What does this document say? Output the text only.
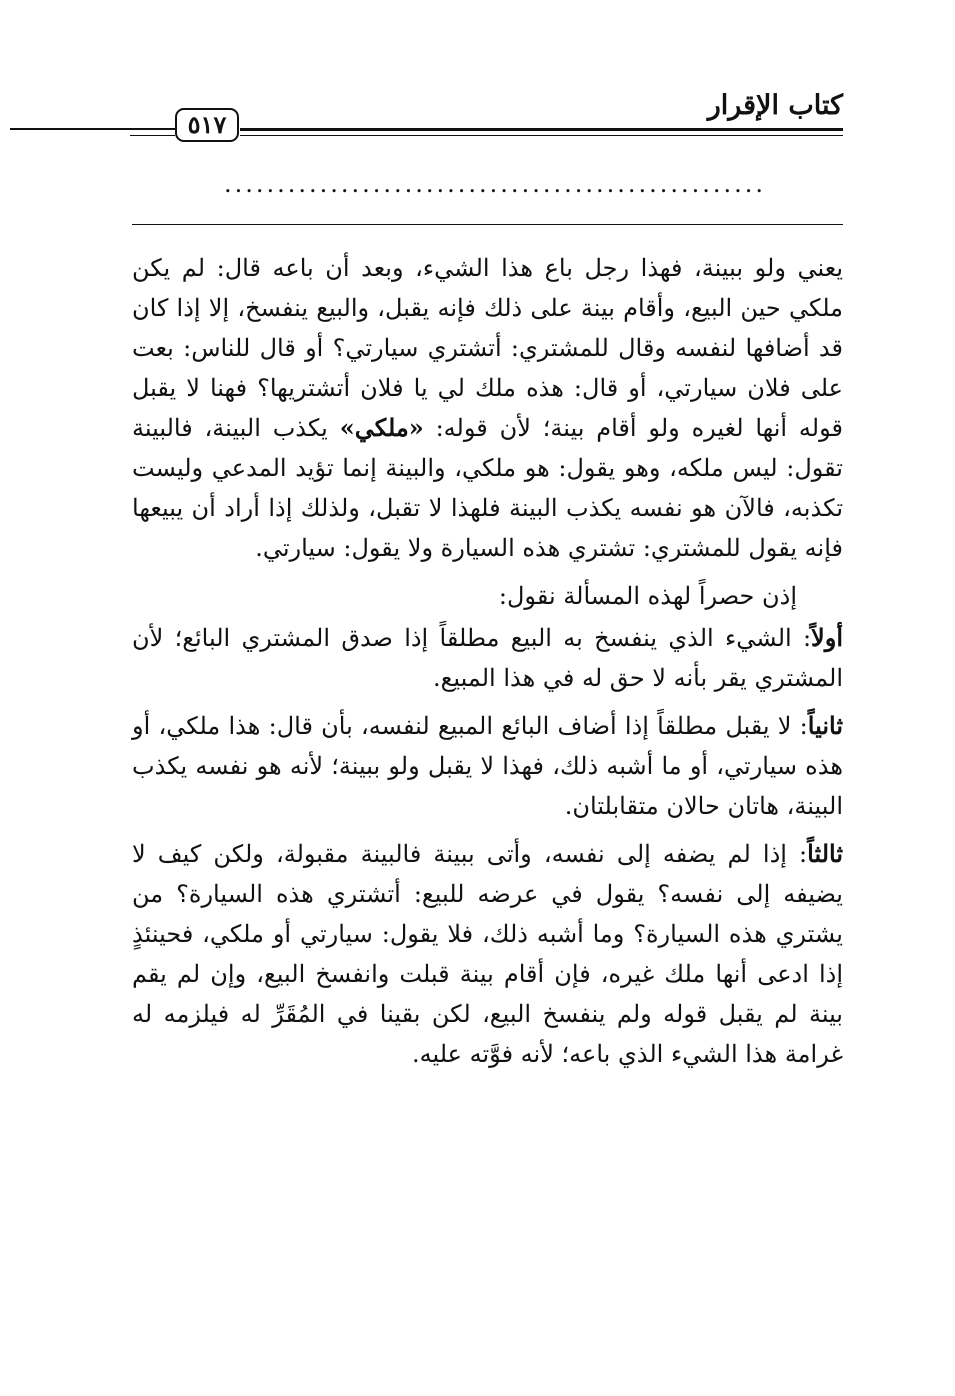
كتاب الإقرار
٥١٧
...................................................

يعني ولو ببينة، فهذا رجل باع هذا الشيء، وبعد أن باعه قال: لم يكن ملكي حين البيع، وأقام بينة على ذلك فإنه يقبل، والبيع ينفسخ، إلا إذا كان قد أضافها لنفسه وقال للمشتري: أتشتري سيارتي؟ أو قال للناس: بعت على فلان سيارتي، أو قال: هذه ملك لي يا فلان أتشتريها؟ فهنا لا يقبل قوله أنها لغيره ولو أقام بينة؛ لأن قوله: «ملكي» يكذب البينة، فالبينة تقول: ليس ملكه، وهو يقول: هو ملكي، والبينة إنما تؤيد المدعي وليست تكذبه، فالآن هو نفسه يكذب البينة فلهذا لا تقبل، ولذلك إذا أراد أن يبيعها فإنه يقول للمشتري: تشتري هذه السيارة ولا يقول: سيارتي.

إذن حصراً لهذه المسألة نقول:

أولاً: الشيء الذي ينفسخ به البيع مطلقاً إذا صدق المشتري البائع؛ لأن المشتري يقر بأنه لا حق له في هذا المبيع.

ثانياً: لا يقبل مطلقاً إذا أضاف البائع المبيع لنفسه، بأن قال: هذا ملكي، أو هذه سيارتي، أو ما أشبه ذلك، فهذا لا يقبل ولو ببينة؛ لأنه هو نفسه يكذب البينة، هاتان حالان متقابلتان.

ثالثاً: إذا لم يضفه إلى نفسه، وأتى ببينة فالبينة مقبولة، ولكن كيف لا يضيفه إلى نفسه؟ يقول في عرضه للبيع: أتشتري هذه السيارة؟ من يشتري هذه السيارة؟ وما أشبه ذلك، فلا يقول: سيارتي أو ملكي، فحينئذٍ إذا ادعى أنها ملك غيره، فإن أقام بينة قبلت وانفسخ البيع، وإن لم يقم بينة لم يقبل قوله ولم ينفسخ البيع، لكن بقينا في المُقَرِّ له فيلزمه له غرامة هذا الشيء الذي باعه؛ لأنه فوَّته عليه.
